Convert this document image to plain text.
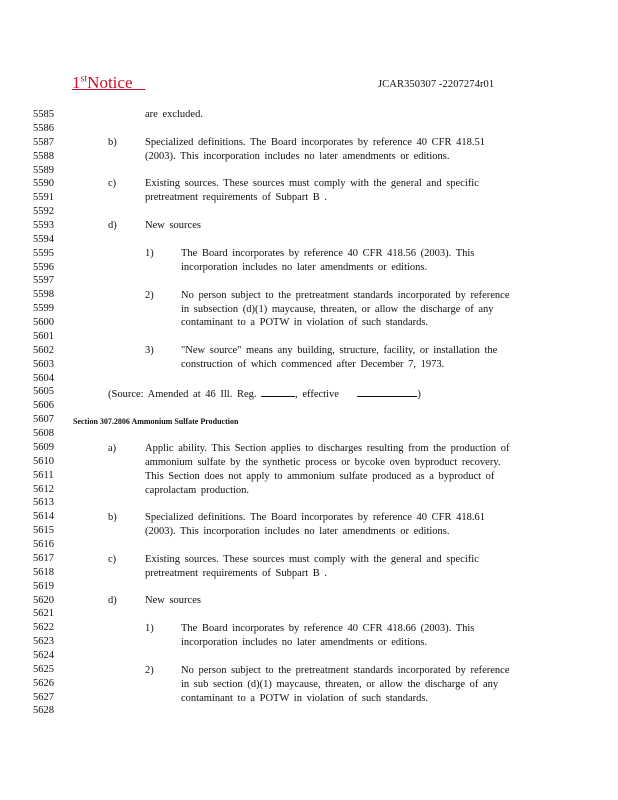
1stNotice	JCAR350307 -2207274r01
5585
5586
5587
5588
5589
5590
5591
5592
5593
5594
5595
5596
5597
5598
5599
5600
5601
5602
5603
5604
5605
5606
5607
5608
5609
5610
5611
5612
5613
5614
5615
5616
5617
5618
5619
5620
5621
5622
5623
5624
5625
5626
5627
5628
are excluded.
b)	Specialized definitions. The Board incorporates by reference 40 CFR 418.51
(2003). This incorporation includes no later amendments or editions.
c)	Existing sources. These sources must comply with the general and specific
pretreatment requirements of Subpart B .
d)	New sources
1)	The Board incorporates by reference 40 CFR 418.56 (2003). This
incorporation includes no later amendments or editions.
2)	No person subject to the pretreatment standards incorporated by reference
in subsection (d)(1) maycause, threaten, or allow the discharge of any
contaminant to a POTW in violation of such standards.
3)	"New source" means any building, structure, facility, or installation the
construction of which commenced after December 7, 1973.
(Source: Amended at 46 Ill. Reg.	, effective	)
Section 307.2806 Ammonium Sulfate Production
a)	Applic ability. This Section applies to discharges resulting from the production of
ammonium sulfate by the synthetic process or bycoke oven byproduct recovery.
This Section does not apply to ammonium sulfate produced as a byproduct of
caprolactam production.
b)	Specialized definitions. The Board incorporates by reference 40 CFR 418.61
(2003). This incorporation includes no later amendments or editions.
c)	Existing sources. These sources must comply with the general and specific
pretreatment requirements of Subpart B .
d)	New sources
1)	The Board incorporates by reference 40 CFR 418.66 (2003). This
incorporation includes no later amendments or editions.
2)	No person subject to the pretreatment standards incorporated by reference
in sub section (d)(1) maycause, threaten, or allow the discharge of any
contaminant to a POTW in violation of such standards.
